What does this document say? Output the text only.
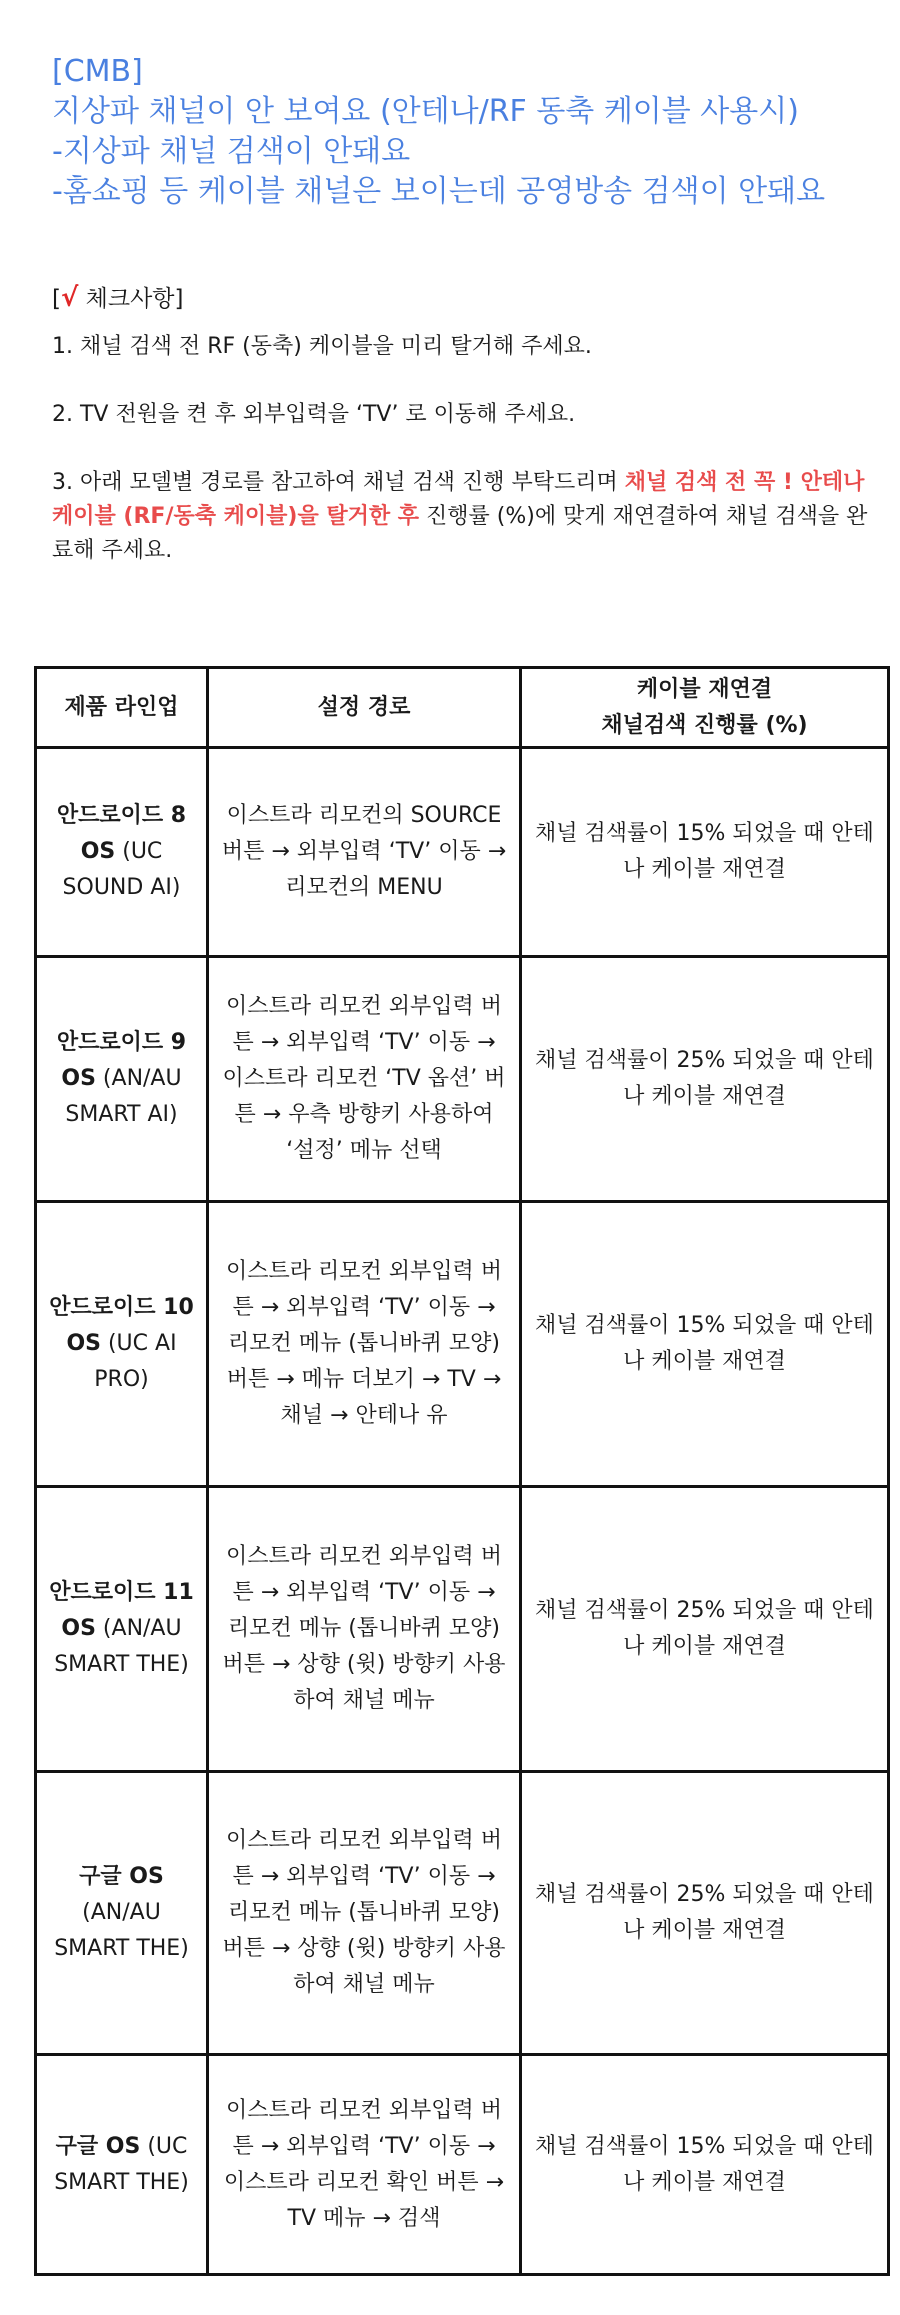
[CMB]
지상파 채널이 안 보여요 (안테나/RF 동축 케이블 사용시)
-지상파 채널 검색이 안돼요
-홈쇼핑 등 케이블 채널은 보이는데 공영방송 검색이 안돼요
[√ 체크사항]
1. 채널 검색 전 RF (동축) 케이블을 미리 탈거해 주세요.
2. TV 전원을 켠 후 외부입력을 ‘TV’ 로 이동해 주세요.
3. 아래 모델별 경로를 참고하여 채널 검색 진행 부탁드리며 채널 검색 전 꼭 ! 안테나 케이블 (RF/동축 케이블)을 탈거한 후 진행률 (%)에 맞게 재연결하여 채널 검색을 완료해 주세요.
제품 라인업	설정 경로	케이블 재연결
채널검색 진행률 (%)

안드로이드 8 OS (UC SOUND AI)	이스트라 리모컨의 SOURCE 버튼 → 외부입력 ‘TV’ 이동 → 리모컨의 MENU	채널 검색률이 15% 되었을 때 안테나 케이블 재연결
안드로이드 9 OS (AN/AU SMART AI)	이스트라 리모컨 외부입력 버튼 → 외부입력 ‘TV’ 이동 → 이스트라 리모컨 ‘TV 옵션’ 버튼 → 우측 방향키 사용하여 ‘설정’ 메뉴 선택	채널 검색률이 25% 되었을 때 안테나 케이블 재연결
안드로이드 10 OS (UC AI PRO)	이스트라 리모컨 외부입력 버튼 → 외부입력 ‘TV’ 이동 → 리모컨 메뉴 (톱니바퀴 모양) 버튼 → 메뉴 더보기 → TV → 채널 → 안테나 유	채널 검색률이 15% 되었을 때 안테나 케이블 재연결
안드로이드 11 OS (AN/AU SMART THE)	이스트라 리모컨 외부입력 버튼 → 외부입력 ‘TV’ 이동 → 리모컨 메뉴 (톱니바퀴 모양) 버튼 → 상향 (윗) 방향키 사용하여 채널 메뉴	채널 검색률이 25% 되었을 때 안테나 케이블 재연결
구글 OS (AN/AU SMART THE)	이스트라 리모컨 외부입력 버튼 → 외부입력 ‘TV’ 이동 → 리모컨 메뉴 (톱니바퀴 모양) 버튼 → 상향 (윗) 방향키 사용하여 채널 메뉴	채널 검색률이 25% 되었을 때 안테나 케이블 재연결
구글 OS (UC SMART THE)	이스트라 리모컨 외부입력 버튼 → 외부입력 ‘TV’ 이동 → 이스트라 리모컨 확인 버튼 → TV 메뉴 → 검색	채널 검색률이 15% 되었을 때 안테나 케이블 재연결
